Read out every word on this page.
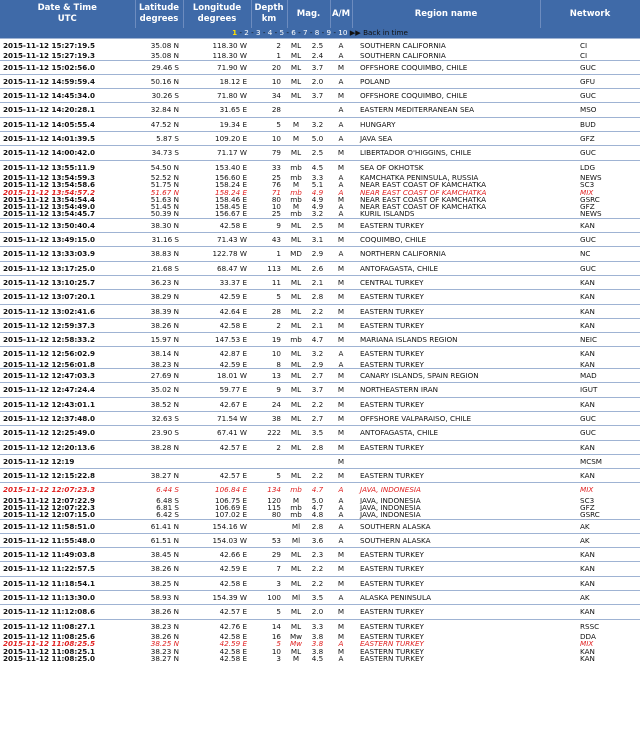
Date & Time
UTC	Latitude
degrees	Longitude
degrees	Depth
km	Mag.		A/M	Region name	Network
1 - 2 - 3 - 4 - 5 - 6 - 7 - 8 - 9 - 10 ▶▶ Back in time								
2015-11-12 15:27:19.5	35.08 N	118.30 W	2	ML	2.5	A	SOUTHERN CALIFORNIA	CI
2015-11-12 15:27:19.3	35.08 N	118.30 W	1	ML	2.4	A	SOUTHERN CALIFORNIA	CI
2015-11-12 15:02:56.0	29.46 S	71.90 W	20	ML	3.7	M	OFFSHORE COQUIMBO, CHILE	GUC
2015-11-12 14:59:59.4	50.16 N	18.12 E	10	ML	2.0	A	POLAND	GFU
2015-11-12 14:45:34.0	30.26 S	71.80 W	34	ML	3.7	M	OFFSHORE COQUIMBO, CHILE	GUC
2015-11-12 14:20:28.1	32.84 N	31.65 E	28			A	EASTERN MEDITERRANEAN SEA	MSO
2015-11-12 14:05:55.4	47.52 N	19.34 E	5	M	3.2	A	HUNGARY	BUD
2015-11-12 14:01:39.5	5.87 S	109.20 E	10	M	5.0	A	JAVA SEA	GFZ
2015-11-12 14:00:42.0	34.73 S	71.17 W	79	ML	2.5	M	LIBERTADOR O'HIGGINS, CHILE	GUC
2015-11-12 13:55:11.9	54.50 N	153.40 E	33	mb	4.5	M	SEA OF OKHOTSK	LDG
2015-11-12 13:54:59.3	52.52 N	156.60 E	25	mb	3.3	A	KAMCHATKA PENINSULA, RUSSIA	NEWS
2015-11-12 13:54:58.6	51.75 N	158.24 E	76	M	5.1	A	NEAR EAST COAST OF KAMCHATKA	SC3
2015-11-12 13:54:57.2	51.67 N	158.24 E	71	mb	4.9	A	NEAR EAST COAST OF KAMCHATKA	MIX
2015-11-12 13:54:54.4	51.63 N	158.46 E	80	mb	4.9	M	NEAR EAST COAST OF KAMCHATKA	GSRC
2015-11-12 13:54:49.0	51.45 N	158.45 E	10	M	4.9	A	NEAR EAST COAST OF KAMCHATKA	GFZ
2015-11-12 13:54:45.7	50.39 N	156.67 E	25	mb	3.2	A	KURIL ISLANDS	NEWS
2015-11-12 13:50:40.4	38.30 N	42.58 E	9	ML	2.5	M	EASTERN TURKEY	KAN
2015-11-12 13:49:15.0	31.16 S	71.43 W	43	ML	3.1	M	COQUIMBO, CHILE	GUC
2015-11-12 13:33:03.9	38.83 N	122.78 W	1	MD	2.9	A	NORTHERN CALIFORNIA	NC
2015-11-12 13:17:25.0	21.68 S	68.47 W	113	ML	2.6	M	ANTOFAGASTA, CHILE	GUC
2015-11-12 13:10:25.7	36.23 N	33.37 E	11	ML	2.1	M	CENTRAL TURKEY	KAN
2015-11-12 13:07:20.1	38.29 N	42.59 E	5	ML	2.8	M	EASTERN TURKEY	KAN
2015-11-12 13:02:41.6	38.39 N	42.64 E	28	ML	2.2	M	EASTERN TURKEY	KAN
2015-11-12 12:59:37.3	38.26 N	42.58 E	2	ML	2.1	M	EASTERN TURKEY	KAN
2015-11-12 12:58:33.2	15.97 N	147.53 E	19	mb	4.7	M	MARIANA ISLANDS REGION	NEIC
2015-11-12 12:56:02.9	38.14 N	42.87 E	10	ML	3.2	A	EASTERN TURKEY	KAN
2015-11-12 12:56:01.8	38.23 N	42.59 E	8	ML	2.9	A	EASTERN TURKEY	KAN
2015-11-12 12:47:03.3	27.69 N	18.01 W	13	ML	2.7	M	CANARY ISLANDS, SPAIN REGION	MAD
2015-11-12 12:47:24.4	35.02 N	59.77 E	9	ML	3.7	M	NORTHEASTERN IRAN	IGUT
2015-11-12 12:43:01.1	38.52 N	42.67 E	24	ML	2.2	M	EASTERN TURKEY	KAN
2015-11-12 12:37:48.0	32.63 S	71.54 W	38	ML	2.7	M	OFFSHORE VALPARAISO, CHILE	GUC
2015-11-12 12:25:49.0	23.90 S	67.41 W	222	ML	3.5	M	ANTOFAGASTA, CHILE	GUC
2015-11-12 12:20:13.6	38.28 N	42.57 E	2	ML	2.8	M	EASTERN TURKEY	KAN
2015-11-12 12:19						M		MCSM
2015-11-12 12:15:22.8	38.27 N	42.57 E	5	ML	2.2	M	EASTERN TURKEY	KAN
2015-11-12 12:07:23.3	6.44 S	106.84 E	134	mb	4.7	A	JAVA, INDONESIA	MIX
2015-11-12 12:07:22.9	6.48 S	106.75 E	120	M	5.0	A	JAVA, INDONESIA	SC3
2015-11-12 12:07:22.3	6.81 S	106.69 E	115	mb	4.7	A	JAVA, INDONESIA	GFZ
2015-11-12 12:07:15.0	6.42 S	107.02 E	80	mb	4.8	A	JAVA, INDONESIA	GSRC
2015-11-12 11:58:51.0	61.41 N	154.16 W		Ml	2.8	A	SOUTHERN ALASKA	AK
2015-11-12 11:55:48.0	61.51 N	154.03 W	53	Ml	3.6	A	SOUTHERN ALASKA	AK
2015-11-12 11:49:03.8	38.45 N	42.66 E	29	ML	2.3	M	EASTERN TURKEY	KAN
2015-11-12 11:22:57.5	38.26 N	42.59 E	7	ML	2.2	M	EASTERN TURKEY	KAN
2015-11-12 11:18:54.1	38.25 N	42.58 E	3	ML	2.2	M	EASTERN TURKEY	KAN
2015-11-12 11:13:30.0	58.93 N	154.39 W	100	Ml	3.5	A	ALASKA PENINSULA	AK
2015-11-12 11:12:08.6	38.26 N	42.57 E	5	ML	2.0	M	EASTERN TURKEY	KAN
2015-11-12 11:08:27.1	38.23 N	42.76 E	14	ML	3.3	M	EASTERN TURKEY	RSSC
2015-11-12 11:08:25.6	38.26 N	42.58 E	16	Mw	3.8	M	EASTERN TURKEY	DDA
2015-11-12 11:08:25.5	38.25 N	42.59 E	5	Mw	3.8	A	EASTERN TURKEY	MIX
2015-11-12 11:08:25.1	38.23 N	42.58 E	10	ML	3.8	M	EASTERN TURKEY	KAN
2015-11-12 11:08:25.0	38.27 N	42.58 E	3	M	4.5	A	EASTERN TURKEY	KAN
